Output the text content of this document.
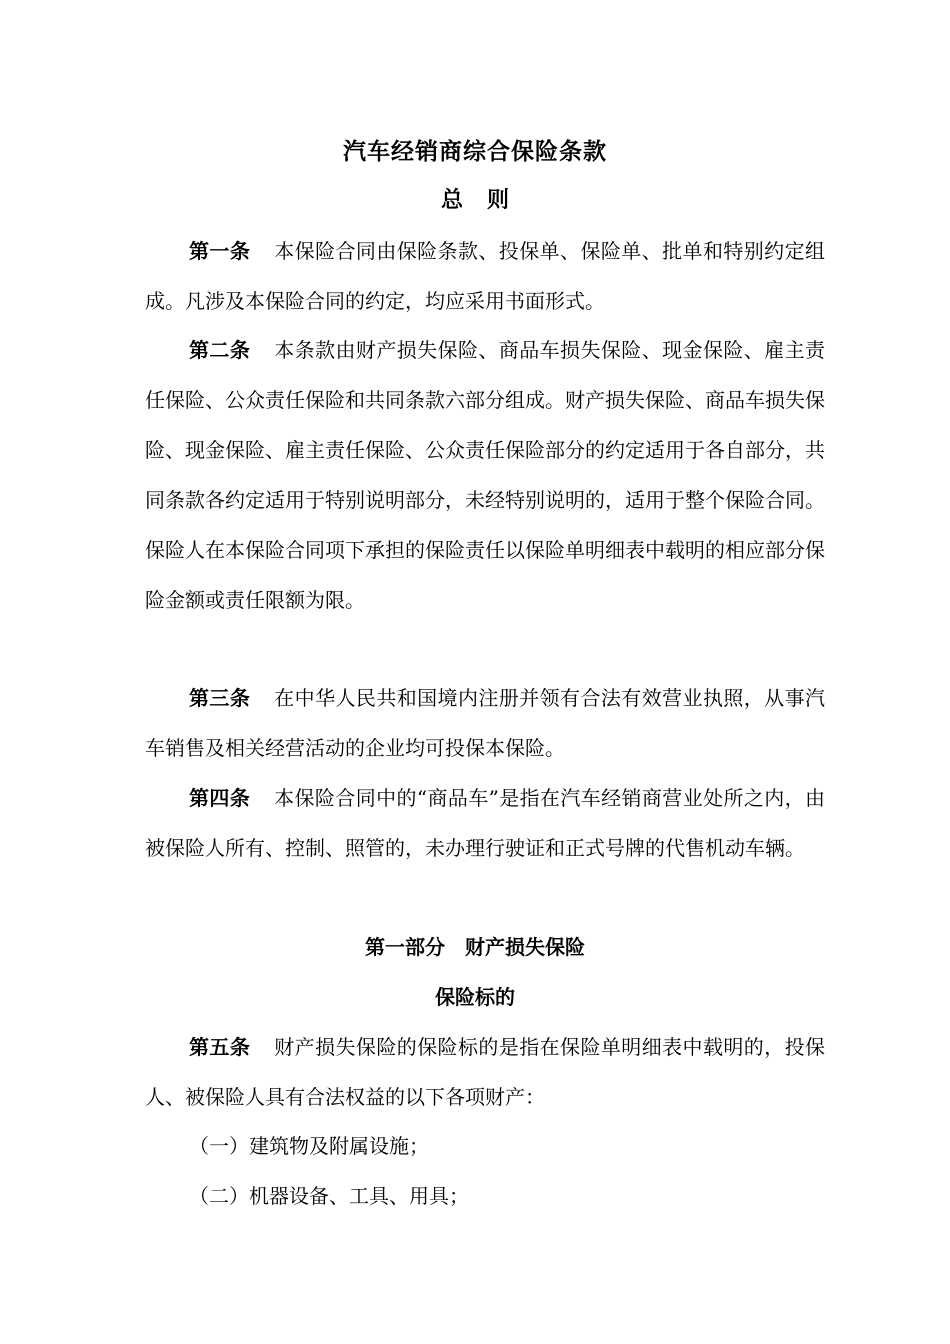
汽车经销商综合保险条款
总则
第一条 本保险合同由保险条款、投保单、保险单、批单和特别约定组成。凡涉及本保险合同的约定，均应采用书面形式。
第二条 本条款由财产损失保险、商品车损失保险、现金保险、雇主责任保险、公众责任保险和共同条款六部分组成。财产损失保险、商品车损失保险、现金保险、雇主责任保险、公众责任保险部分的约定适用于各自部分，共同条款各约定适用于特别说明部分，未经特别说明的，适用于整个保险合同。保险人在本保险合同项下承担的保险责任以保险单明细表中载明的相应部分保险金额或责任限额为限。
第三条 在中华人民共和国境内注册并领有合法有效营业执照，从事汽车销售及相关经营活动的企业均可投保本保险。
第四条 本保险合同中的“商品车”是指在汽车经销商营业处所之内，由被保险人所有、控制、照管的，未办理行驶证和正式号牌的代售机动车辆。
第一部分　财产损失保险
保险标的
第五条 财产损失保险的保险标的是指在保险单明细表中载明的，投保人、被保险人具有合法权益的以下各项财产：
（一）建筑物及附属设施；
（二）机器设备、工具、用具；
